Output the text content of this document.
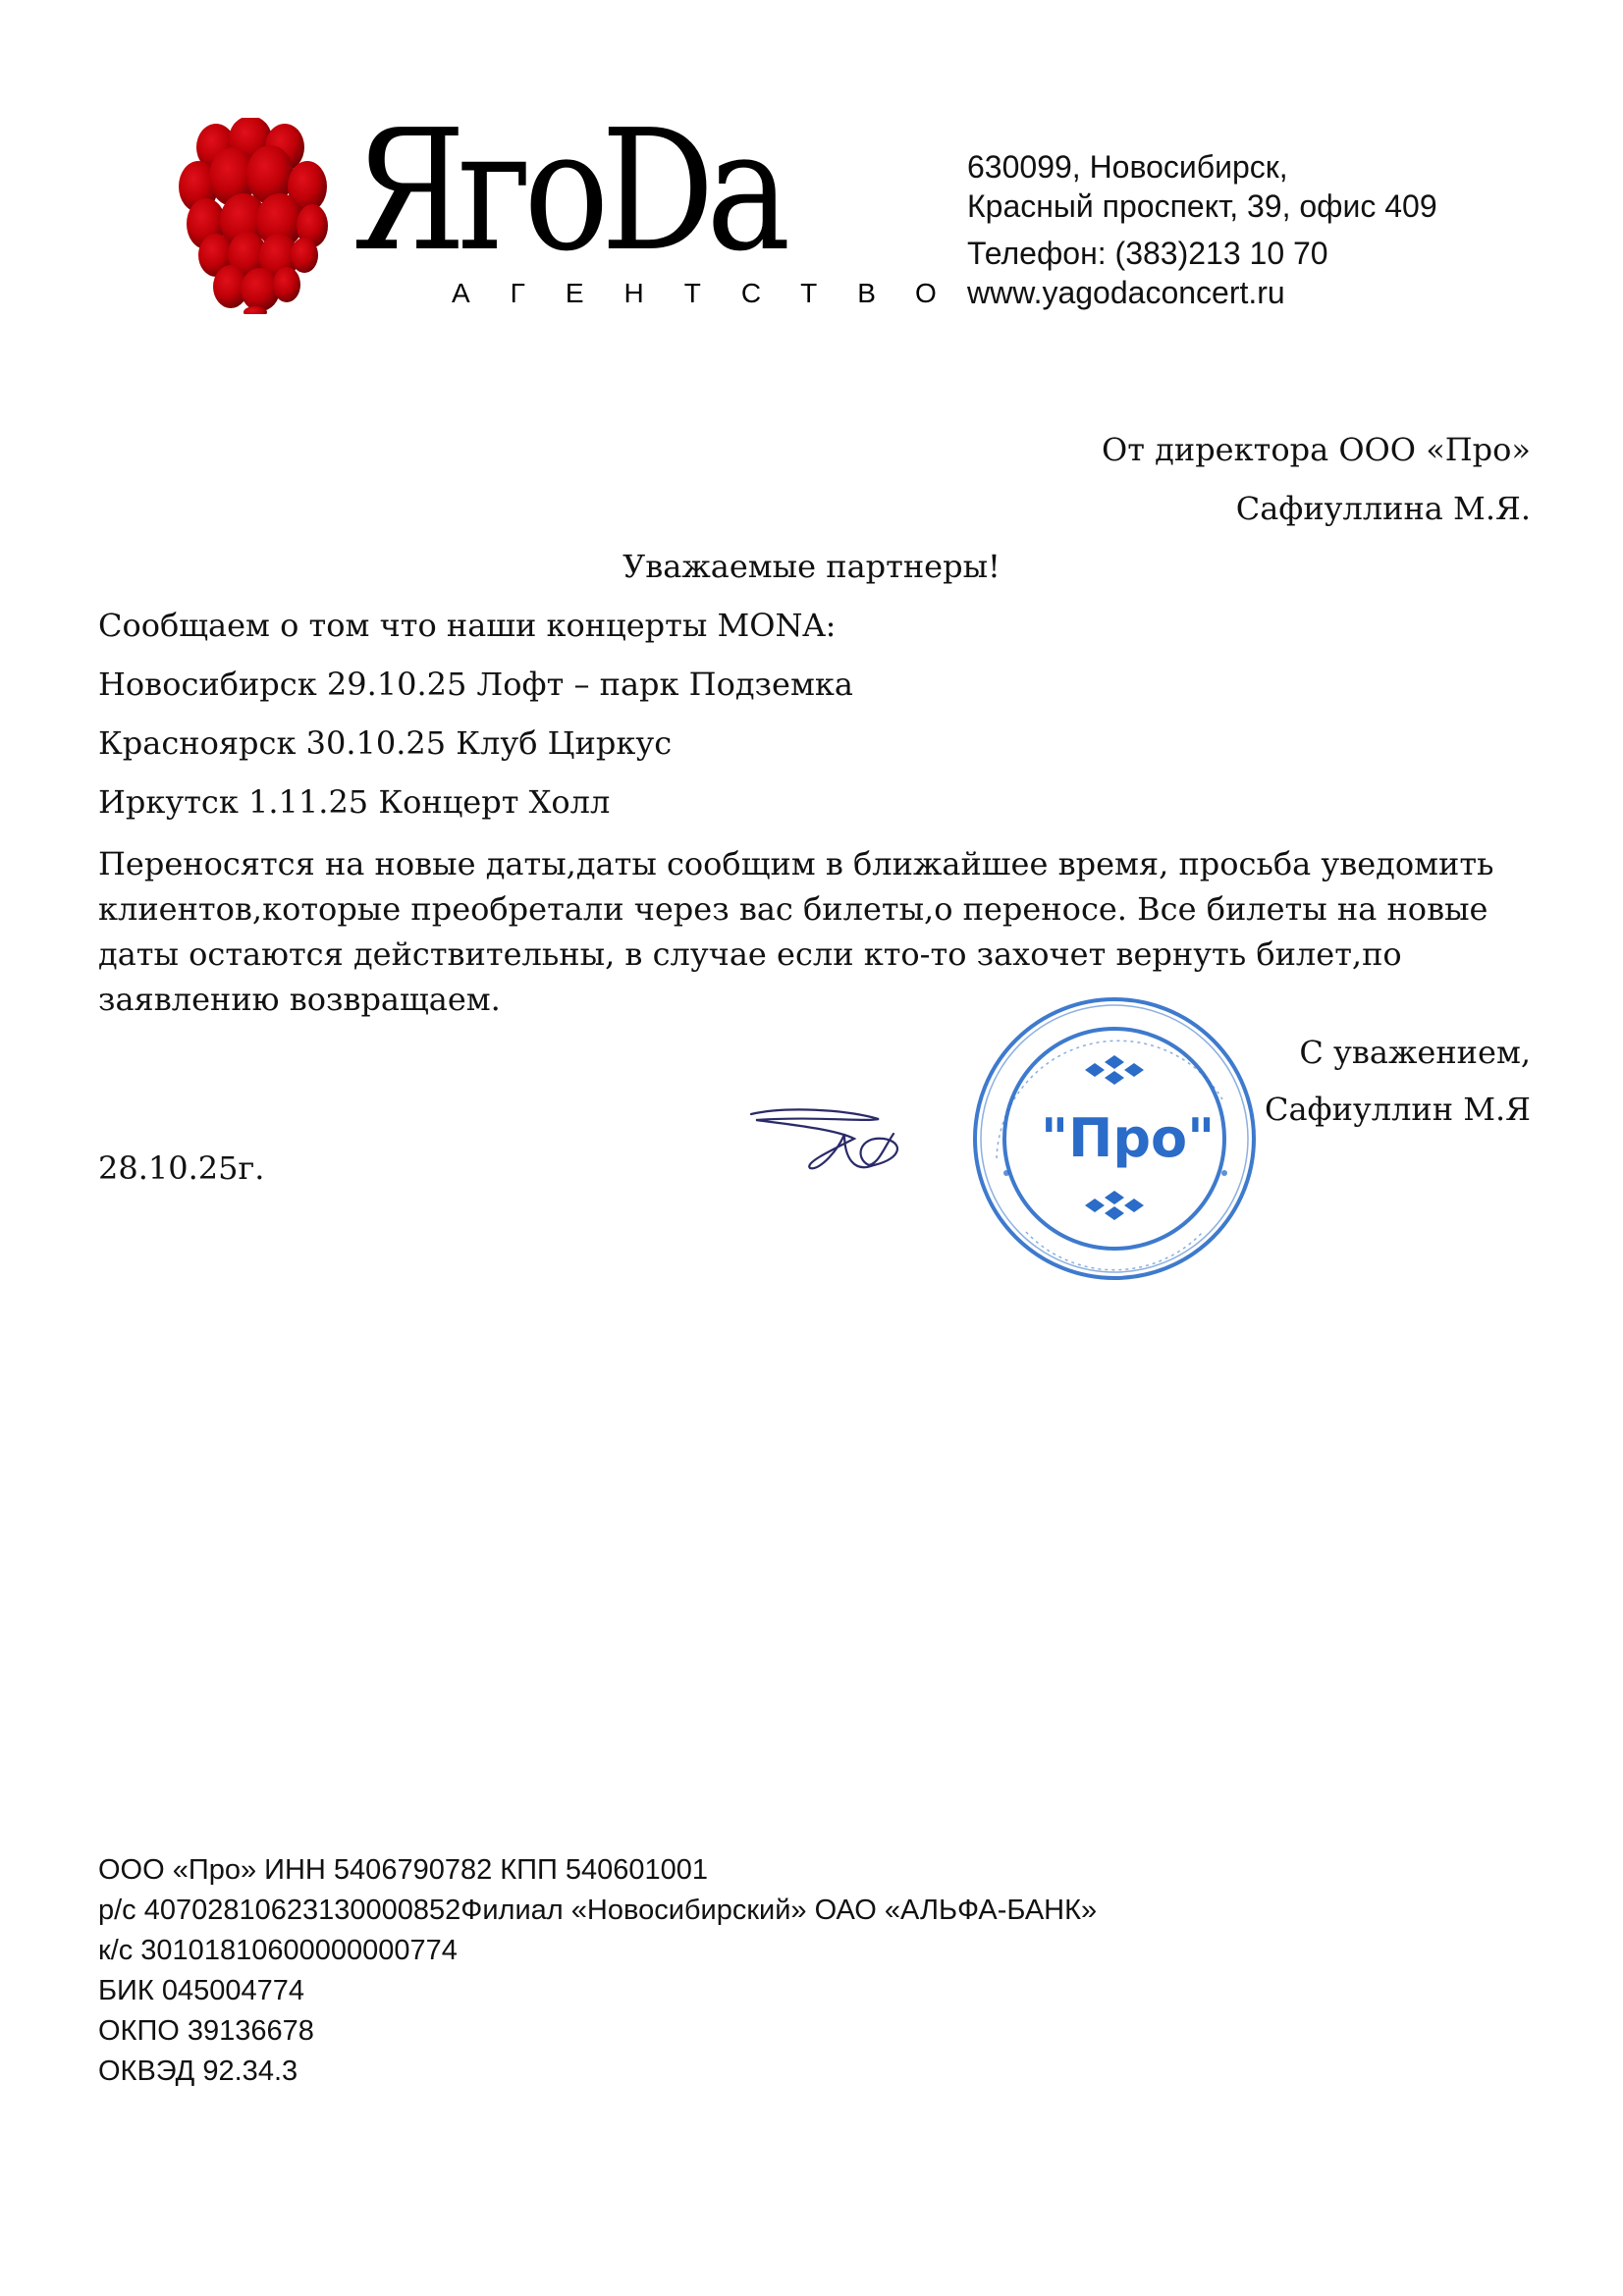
ЯгоDа
АГЕНТСТВО
630099, Новосибирск,
Красный проспект, 39, офис 409
Телефон: (383)213 10 70
www.yagodaconcert.ru
От директора ООО «Про»
Сафиуллина М.Я.
Уважаемые партнеры!
Сообщаем о том что наши концерты MONA:
Новосибирск 29.10.25 Лофт – парк Подземка
Красноярск 30.10.25 Клуб Циркус
Иркутск 1.11.25 Концерт Холл
Переносятся на новые даты,даты сообщим в ближайшее время, просьба уведомить клиентов,которые преобретали через вас билеты,о переносе. Все билеты на новые даты остаются действительны, в случае если кто-то захочет вернуть билет,по заявлению возвращаем.
"Про"
С уважением,
Сафиуллин М.Я
28.10.25г.
ООО «Про» ИНН 5406790782 КПП 540601001
р/с 40702810623130000852Филиал «Новосибирский» ОАО «АЛЬФА-БАНК»
к/с 30101810600000000774
БИК 045004774
ОКПО 39136678
ОКВЭД 92.34.3
